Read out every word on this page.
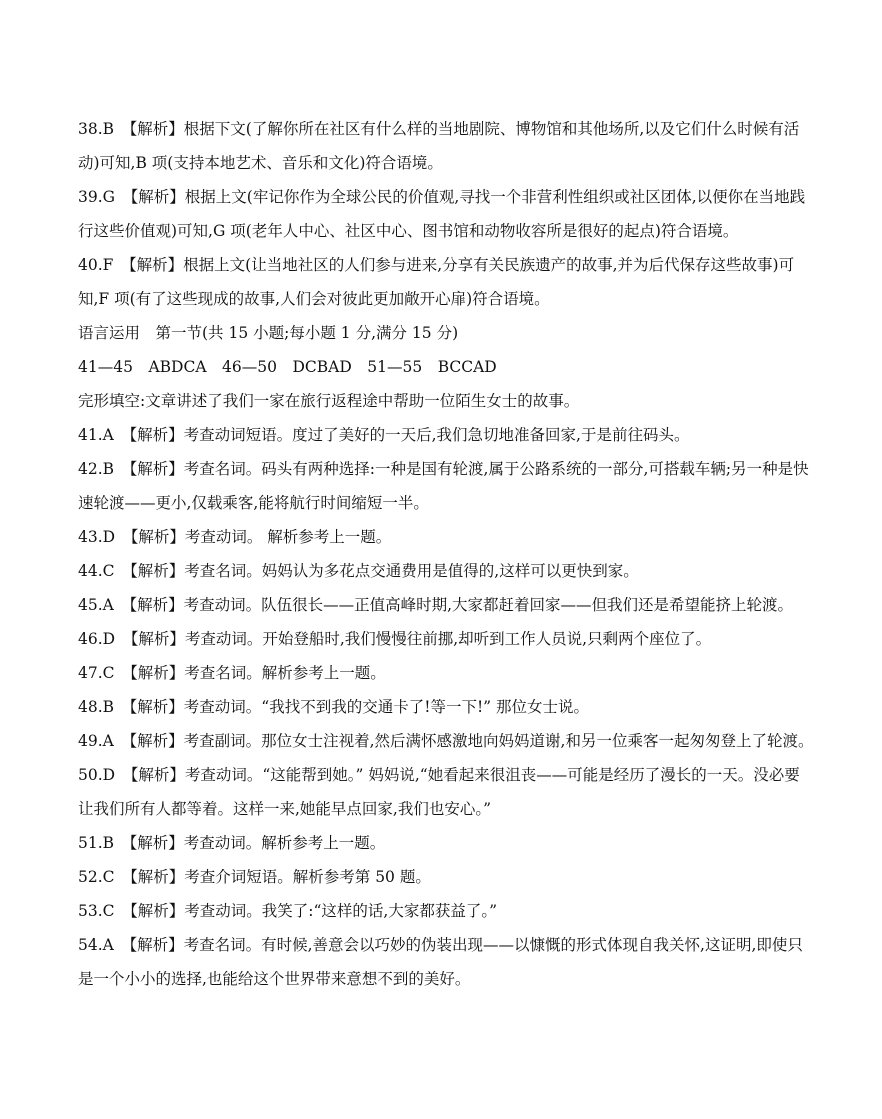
38.B　【解析】根据下文(了解你所在社区有什么样的当地剧院、博物馆和其他场所,以及它们什么时候有活
动)可知,B 项(支持本地艺术、音乐和文化)符合语境。
39.G　【解析】根据上文(牢记你作为全球公民的价值观,寻找一个非营利性组织或社区团体,以便你在当地践
行这些价值观)可知,G 项(老年人中心、社区中心、图书馆和动物收容所是很好的起点)符合语境。
40.F　【解析】根据上文(让当地社区的人们参与进来,分享有关民族遗产的故事,并为后代保存这些故事)可
知,F 项(有了这些现成的故事,人们会对彼此更加敞开心扉)符合语境。
语言运用　第一节(共 15 小题;每小题 1 分,满分 15 分)
41—45　ABDCA　46—50　DCBAD　51—55　BCCAD
完形填空:文章讲述了我们一家在旅行返程途中帮助一位陌生女士的故事。
41.A　【解析】考查动词短语。度过了美好的一天后,我们急切地准备回家,于是前往码头。
42.B　【解析】考查名词。码头有两种选择:一种是国有轮渡,属于公路系统的一部分,可搭载车辆;另一种是快
速轮渡——更小,仅载乘客,能将航行时间缩短一半。
43.D　【解析】考查动词。 解析参考上一题。
44.C　【解析】考查名词。妈妈认为多花点交通费用是值得的,这样可以更快到家。
45.A　【解析】考查动词。队伍很长——正值高峰时期,大家都赶着回家——但我们还是希望能挤上轮渡。
46.D　【解析】考查动词。开始登船时,我们慢慢往前挪,却听到工作人员说,只剩两个座位了。
47.C　【解析】考查名词。解析参考上一题。
48.B　【解析】考查动词。“我找不到我的交通卡了!等一下!” 那位女士说。
49.A　【解析】考查副词。那位女士注视着,然后满怀感激地向妈妈道谢,和另一位乘客一起匆匆登上了轮渡。
50.D　【解析】考查动词。“这能帮到她。” 妈妈说,“她看起来很沮丧——可能是经历了漫长的一天。没必要
让我们所有人都等着。这样一来,她能早点回家,我们也安心。”
51.B　【解析】考查动词。解析参考上一题。
52.C　【解析】考查介词短语。解析参考第 50 题。
53.C　【解析】考查动词。我笑了:“这样的话,大家都获益了。”
54.A　【解析】考查名词。有时候,善意会以巧妙的伪装出现——以慷慨的形式体现自我关怀,这证明,即使只
是一个小小的选择,也能给这个世界带来意想不到的美好。
